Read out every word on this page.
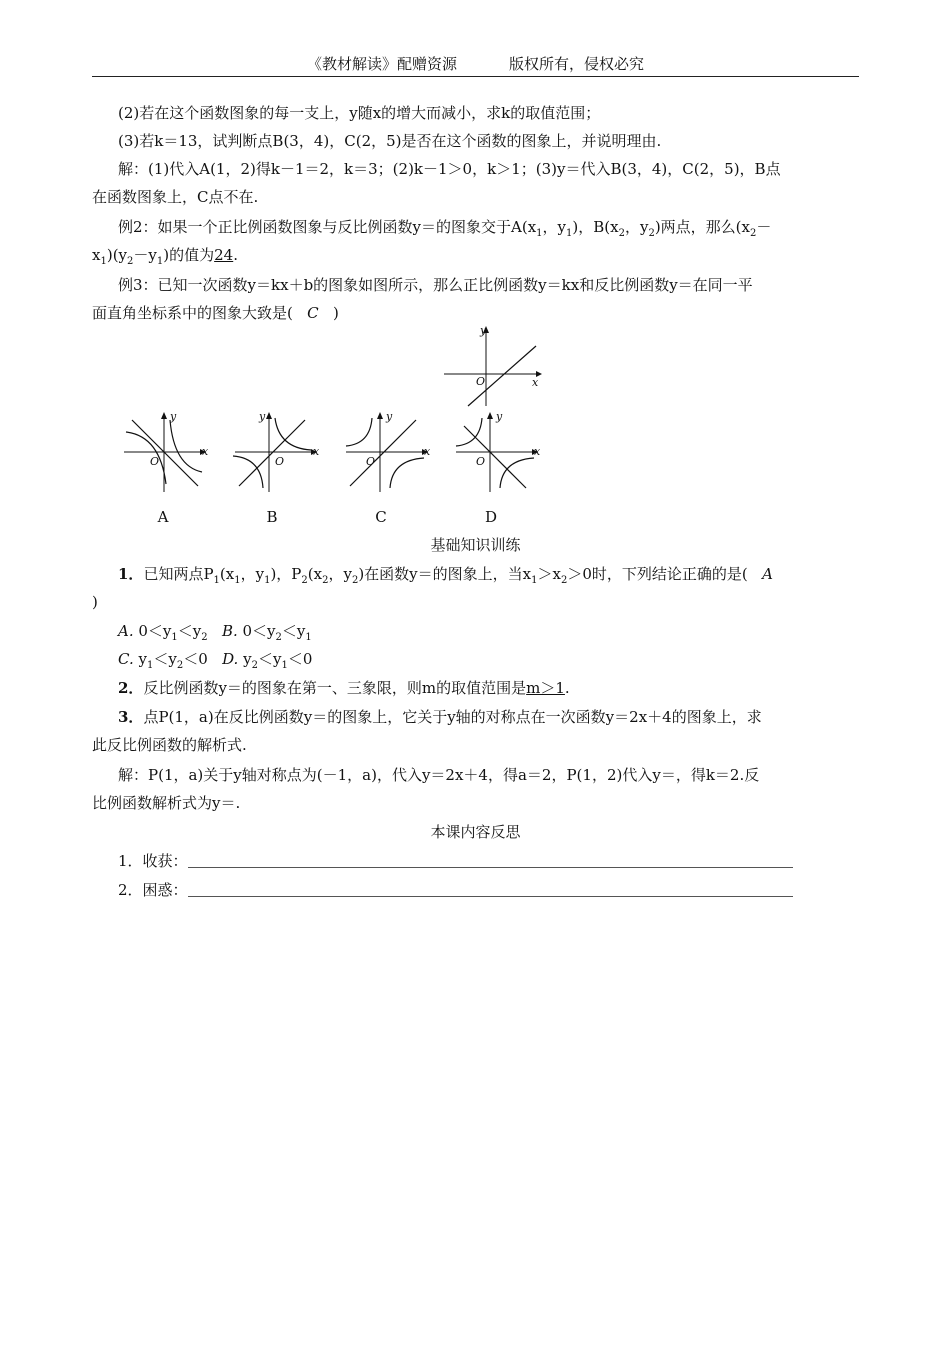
《教材解读》配赠资源	版权所有，侵权必究
(2)若在这个函数图象的每一支上，y随x的增大而减小，求k的取值范围；
(3)若k＝13，试判断点B(3，4)，C(2，5)是否在这个函数的图象上，并说明理由.
解：(1)代入A(1，2)得k－1＝2，k＝3；(2)k－1＞0，k＞1；(3)y＝代入B(3，4)，C(2，5)，B点
在函数图象上，C点不在.
例2：如果一个正比例函数图象与反比例函数y＝的图象交于$A(x_1$，$y_1$)，$B(x_2$，$y_2$)两点，那么($x_2-$
$x_1)(y_2-y_1)$的值为24.
例3：已知一次函数y＝kx＋b的图象如图所示，那么正比例函数y＝kx和反比例函数y＝在同一平
面直角坐标系中的图象大致是( C   )
y
x
O
y
x
O
y
x
O
y
x
O
y
x
O
A	B	C	D
基础知识训练
1．已知两点$P_1(x_1$，$y_1$)，$P_2(x_2$，$y_2$)在函数y＝的图象上，当$x_1>x_2>0$时，下列结论正确的是( A
)
A. $0<y_1<y_2$ B. $0<y_2<y_1$
C. $y_1<y_2<0$   D. $y_2<y_1<0$
2．反比例函数y＝的图象在第一、三象限，则m的取值范围是m＞1.
3．点P(1，a)在反比例函数y＝的图象上，它关于y轴的对称点在一次函数y＝2x＋4的图象上，求
此反比例函数的解析式.
解：P(1，a)关于y轴对称点为(－1，a)，代入y＝2x＋4，得a＝2，P(1，2)代入y＝，得k＝2.反
比例函数解析式为y＝.
本课内容反思
1．收获：
2．困惑：
